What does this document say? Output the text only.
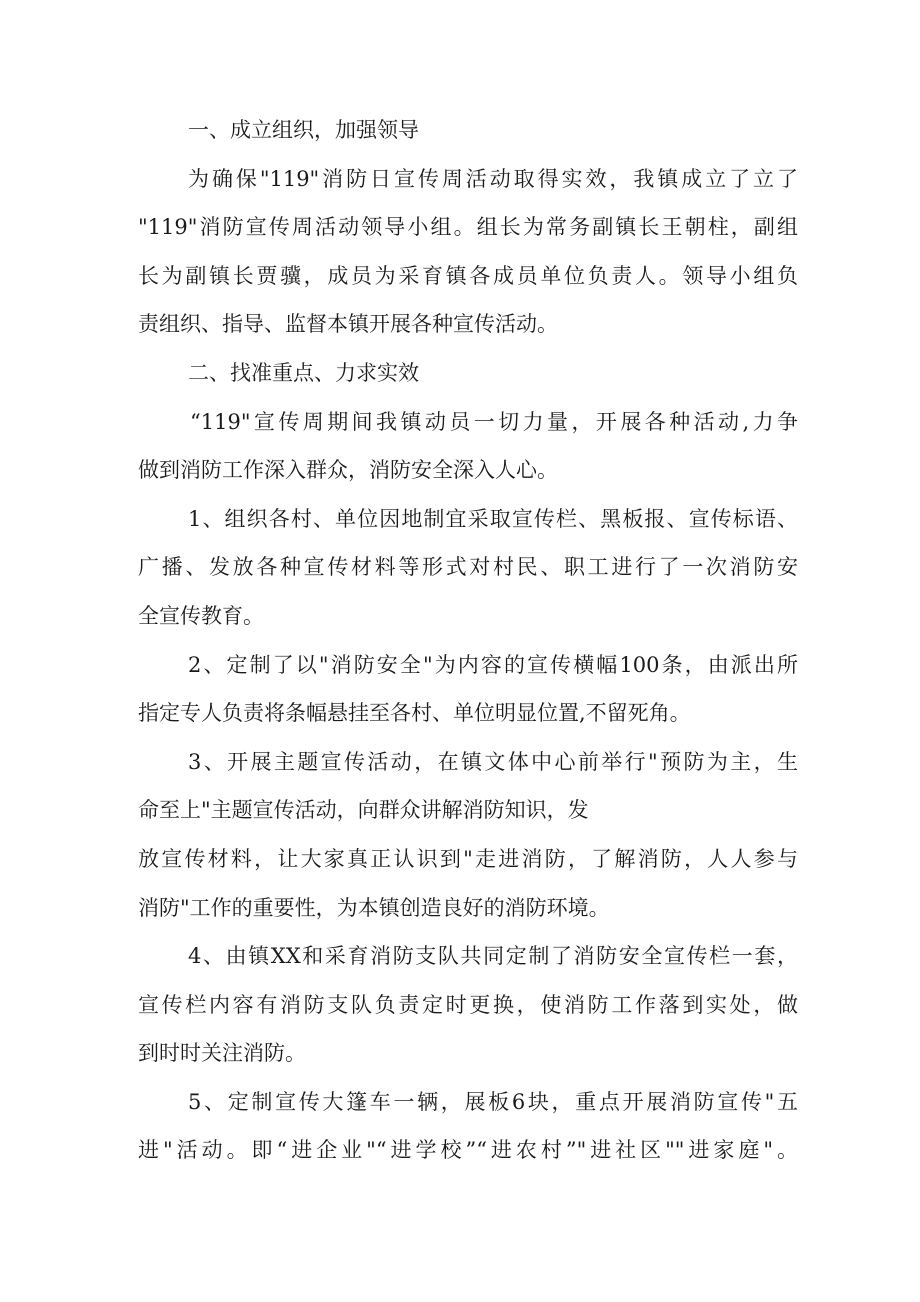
一、成立组织，加强领导
为确保"119"消防日宣传周活动取得实效，我镇成立了立了
"119"消防宣传周活动领导小组。组长为常务副镇长王朝柱，副组
长为副镇长贾骥，成员为采育镇各成员单位负责人。领导小组负
责组织、指导、监督本镇开展各种宣传活动。
二、找准重点、力求实效
“119"宣传周期间我镇动员一切力量，开展各种活动,力争
做到消防工作深入群众，消防安全深入人心。
1、组织各村、单位因地制宜采取宣传栏、黑板报、宣传标语、
广播、发放各种宣传材料等形式对村民、职工进行了一次消防安
全宣传教育。
2、定制了以"消防安全"为内容的宣传横幅100条，由派出所
指定专人负责将条幅悬挂至各村、单位明显位置,不留死角。
3、开展主题宣传活动，在镇文体中心前举行"预防为主，生
命至上"主题宣传活动，向群众讲解消防知识，发
放宣传材料，让大家真正认识到"走进消防，了解消防，人人参与
消防"工作的重要性，为本镇创造良好的消防环境。
4、由镇XX和采育消防支队共同定制了消防安全宣传栏一套，
宣传栏内容有消防支队负责定时更换，使消防工作落到实处，做
到时时关注消防。
5、定制宣传大篷车一辆，展板6块，重点开展消防宣传"五
进"活动。即“进企业"“进学校”“进农村”"进社区""进家庭"。
